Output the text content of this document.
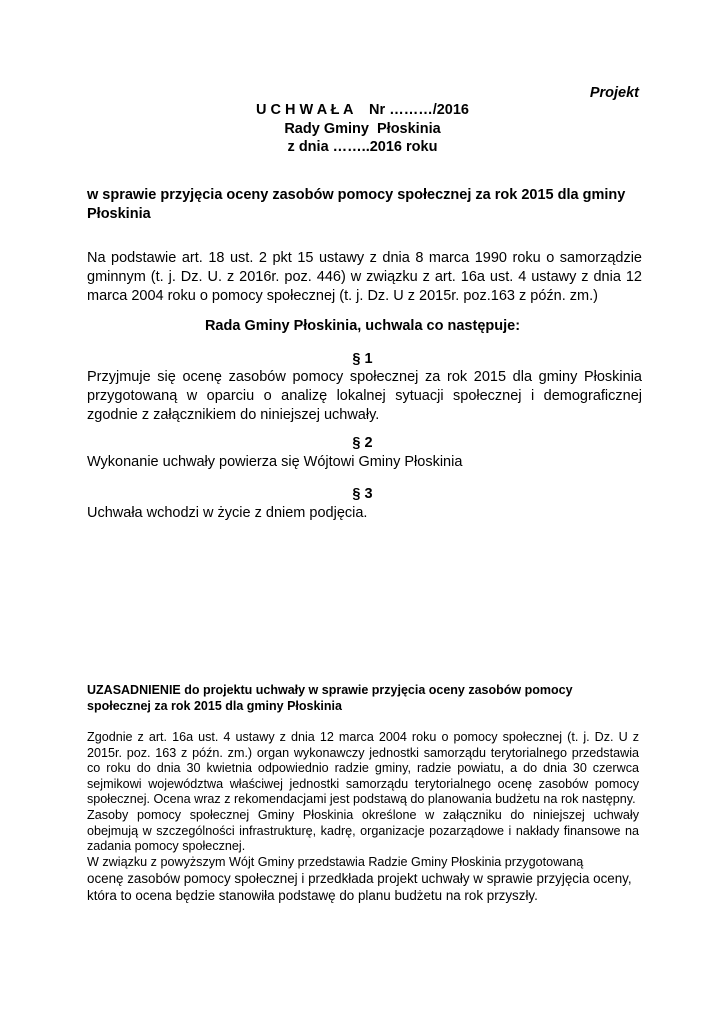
Projekt
U C H W A Ł A    Nr ………/2016
Rady Gminy  Płoskinia
z dnia ……..2016 roku
w sprawie przyjęcia oceny zasobów pomocy społecznej za rok 2015 dla gminy Płoskinia
Na podstawie art. 18 ust. 2 pkt 15 ustawy z dnia 8 marca 1990 roku o samorządzie gminnym (t. j. Dz. U. z 2016r. poz. 446) w związku z art. 16a ust. 4 ustawy z dnia 12 marca 2004 roku o pomocy społecznej (t. j. Dz. U z 2015r. poz.163 z późn. zm.)
Rada Gminy Płoskinia, uchwala co następuje:
§ 1
Przyjmuje się ocenę zasobów pomocy społecznej za rok 2015 dla gminy Płoskinia przygotowaną w oparciu o analizę lokalnej sytuacji społecznej i demograficznej zgodnie z załącznikiem do niniejszej uchwały.
§ 2
Wykonanie uchwały powierza się Wójtowi Gminy Płoskinia
§ 3
Uchwała wchodzi w życie z dniem podjęcia.
UZASADNIENIE do projektu uchwały w sprawie przyjęcia oceny zasobów pomocy społecznej za rok 2015 dla gminy Płoskinia

Zgodnie z art. 16a ust. 4 ustawy z dnia 12 marca 2004 roku o pomocy społecznej (t. j. Dz. U z 2015r. poz. 163 z późn. zm.) organ wykonawczy jednostki samorządu terytorialnego przedstawia co roku do dnia 30 kwietnia odpowiednio radzie gminy, radzie powiatu, a do dnia 30 czerwca sejmikowi województwa właściwej jednostki samorządu terytorialnego ocenę zasobów pomocy społecznej. Ocena wraz z rekomendacjami jest podstawą do planowania budżetu na rok następny.

Zasoby pomocy społecznej Gminy Płoskinia określone w załączniku do niniejszej uchwały obejmują w szczególności infrastrukturę, kadrę, organizacje pozarządowe i nakłady finansowe na zadania pomocy społecznej.

W związku z powyższym Wójt Gminy przedstawia Radzie Gminy Płoskinia przygotowaną

ocenę zasobów pomocy społecznej i przedkłada projekt uchwały w sprawie przyjęcia oceny, która to ocena będzie stanowiła podstawę do planu budżetu na rok przyszły.
